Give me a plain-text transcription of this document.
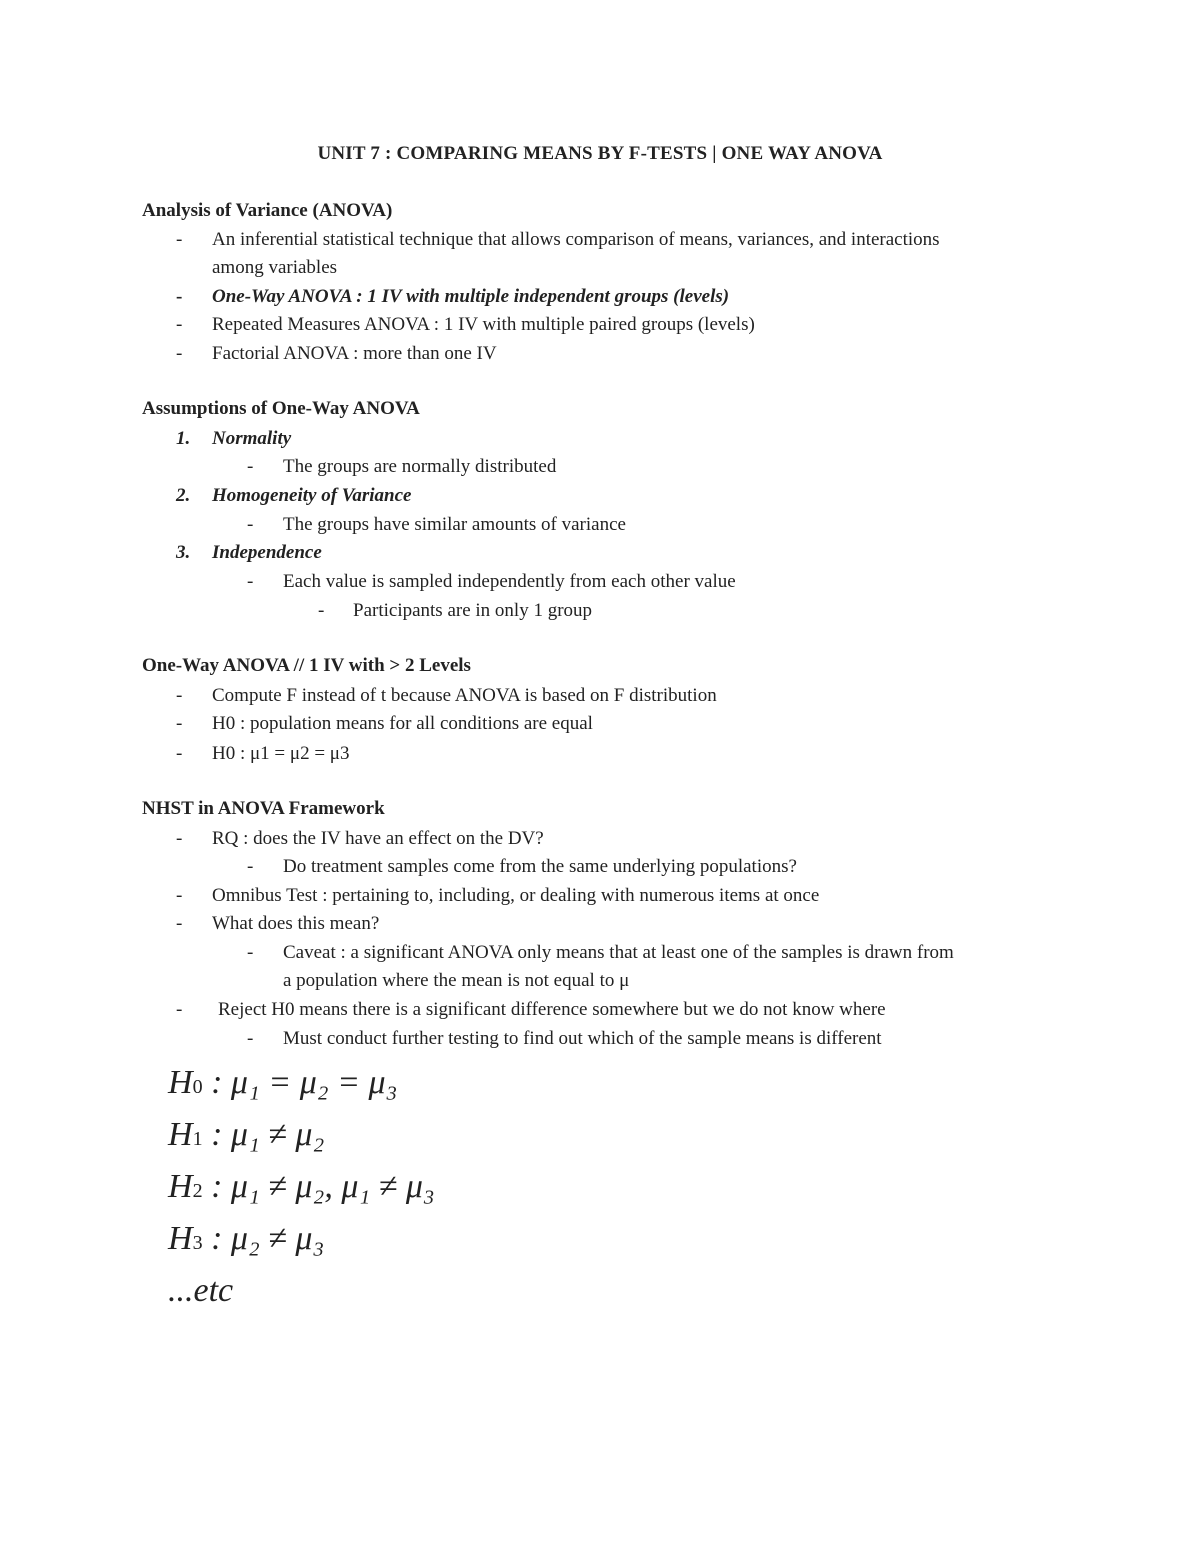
UNIT 7 : COMPARING MEANS BY F-TESTS | ONE WAY ANOVA
Analysis of Variance (ANOVA)
- An inferential statistical technique that allows comparison of means, variances, and interactions
among variables
- One-Way ANOVA : 1 IV with multiple independent groups (levels)
- Repeated Measures ANOVA : 1 IV with multiple paired groups (levels)
- Factorial ANOVA : more than one IV
Assumptions of One-Way ANOVA
1. Normality
- The groups are normally distributed
2. Homogeneity of Variance
- The groups have similar amounts of variance
3. Independence
- Each value is sampled independently from each other value
- Participants are in only 1 group
One-Way ANOVA // 1 IV with > 2 Levels
- Compute F instead of t because ANOVA is based on F distribution
- H0 : population means for all conditions are equal
- H0 : μ1 = μ2 = μ3
NHST in ANOVA Framework
- RQ : does the IV have an effect on the DV?
- Do treatment samples come from the same underlying populations?
- Omnibus Test : pertaining to, including, or dealing with numerous items at once
- What does this mean?
- Caveat : a significant ANOVA only means that at least one of the samples is drawn from
a population where the mean is not equal to μ
- Reject H0 means there is a significant difference somewhere but we do not know where
- Must conduct further testing to find out which of the sample means is different
H0 : μ₁ = μ₂ = μ₃
H1 : μ₁ ≠ μ₂
H2 : μ₁ ≠ μ₂, μ₁ ≠ μ₃
H3 : μ₂ ≠ μ₃
...etc
